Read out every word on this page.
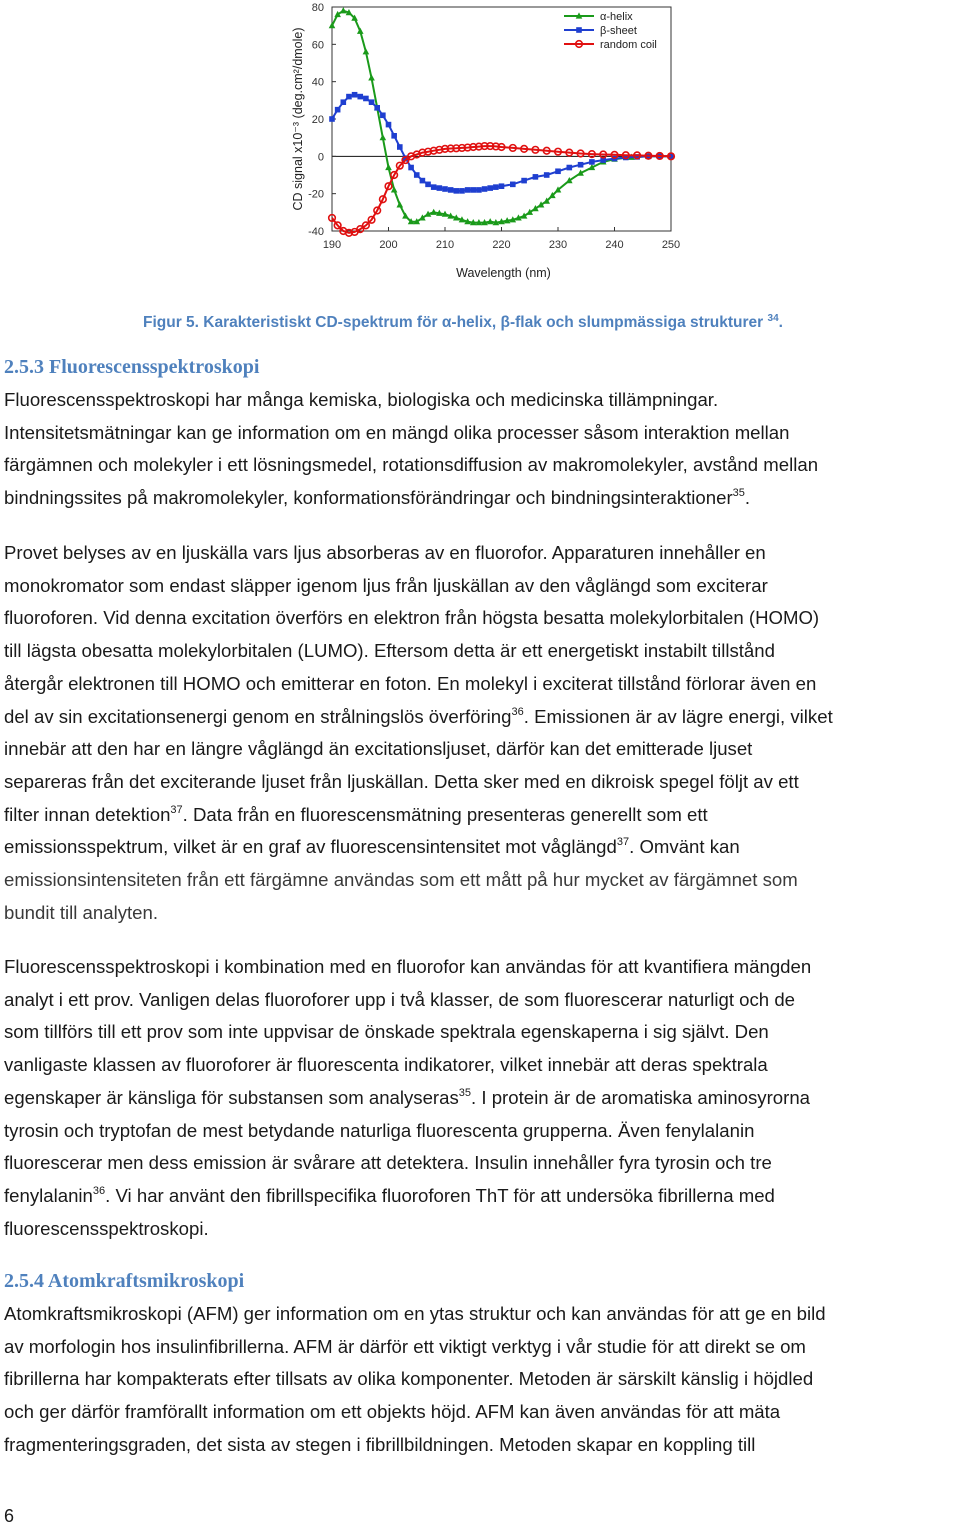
-40
-20
0
20
40
60
80
190	200	210	220	230	240	250
Wavelength (nm)
CD signal x10⁻³ (deg.cm²/dmole)
α-helix
β-sheet
random coil
Figur 5. Karakteristiskt CD-spektrum för α-helix, β-flak och slumpmässiga strukturer $^{34}$.
2.5.3 Fluorescensspektroskopi
Fluorescensspektroskopi har många kemiska, biologiska och medicinska tillämpningar.
Intensitetsmätningar kan ge information om en mängd olika processer såsom interaktion mellan
färgämnen och molekyler i ett lösningsmedel, rotationsdiffusion av makromolekyler, avstånd mellan
bindningssites på makromolekyler, konformationsförändringar och bindningsinteraktioner$^{35}$.
Provet belyses av en ljuskälla vars ljus absorberas av en fluorofor. Apparaturen innehåller en
monokromator som endast släpper igenom ljus från ljuskällan av den våglängd som exciterar
fluoroforen. Vid denna excitation överförs en elektron från högsta besatta molekylorbitalen (HOMO)
till lägsta obesatta molekylorbitalen (LUMO). Eftersom detta är ett energetiskt instabilt tillstånd
återgår elektronen till HOMO och emitterar en foton. En molekyl i exciterat tillstånd förlorar även en
del av sin excitationsenergi genom en strålningslös överföring$^{36}$. Emissionen är av lägre energi, vilket
innebär att den har en längre våglängd än excitationsljuset, därför kan det emitterade ljuset
separeras från det exciterande ljuset från ljuskällan. Detta sker med en dikroisk spegel följt av ett
filter innan detektion$^{37}$. Data från en fluorescensmätning presenteras generellt som ett
emissionsspektrum, vilket är en graf av fluorescensintensitet mot våglängd$^{37}$. Omvänt kan
emissionsintensiteten från ett färgämne användas som ett mått på hur mycket av färgämnet som
bundit till analyten.
Fluorescensspektroskopi i kombination med en fluorofor kan användas för att kvantifiera mängden
analyt i ett prov. Vanligen delas fluoroforer upp i två klasser, de som fluorescerar naturligt och de
som tillförs till ett prov som inte uppvisar de önskade spektrala egenskaperna i sig självt. Den
vanligaste klassen av fluoroforer är fluorescenta indikatorer, vilket innebär att deras spektrala
egenskaper är känsliga för substansen som analyseras$^{35}$. I protein är de aromatiska aminosyrorna
tyrosin och tryptofan de mest betydande naturliga fluorescenta grupperna. Även fenylalanin
fluorescerar men dess emission är svårare att detektera. Insulin innehåller fyra tyrosin och tre
fenylalanin$^{36}$. Vi har använt den fibrillspecifika fluoroforen ThT för att undersöka fibrillerna med
fluorescensspektroskopi.
2.5.4 Atomkraftsmikroskopi
Atomkraftsmikroskopi (AFM) ger information om en ytas struktur och kan användas för att ge en bild
av morfologin hos insulinfibrillerna. AFM är därför ett viktigt verktyg i vår studie för att direkt se om
fibrillerna har kompakterats efter tillsats av olika komponenter. Metoden är särskilt känslig i höjdled
och ger därför framförallt information om ett objekts höjd. AFM kan även användas för att mäta
fragmenteringsgraden, det sista av stegen i fibrillbildningen. Metoden skapar en koppling till
6
